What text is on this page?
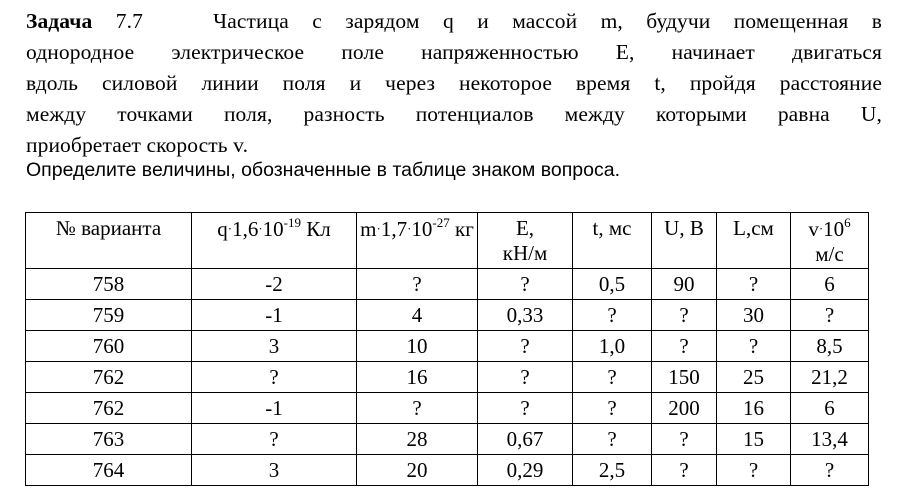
Задача 7.7	Частица с зарядом q и массой m, будучи помещенная в
однородное электрическое поле напряженностью E, начинает двигаться
вдоль силовой линии поля и через некоторое время t, пройдя расстояние
между точками поля, разность потенциалов между которыми равна U,
приобретает скорость v.
Определите величины, обозначенные в таблице знаком вопроса.
№ варианта	$q\cdot 1,6\cdot 10^{-19}$ Кл	$m\cdot 1,7\cdot 10^{-27}$ кг	E,
кН/м	t, мс	U, В	L,см	$v\cdot 10^6$
м/с
758	-2	?	?	0,5	90	?	6
759	-1	4	0,33	?	?	30	?
760	3	10	?	1,0	?	?	8,5
762	?	16	?	?	150	25	21,2
762	-1	?	?	?	200	16	6
763	?	28	0,67	?	?	15	13,4
764	3	20	0,29	2,5	?	?	?
